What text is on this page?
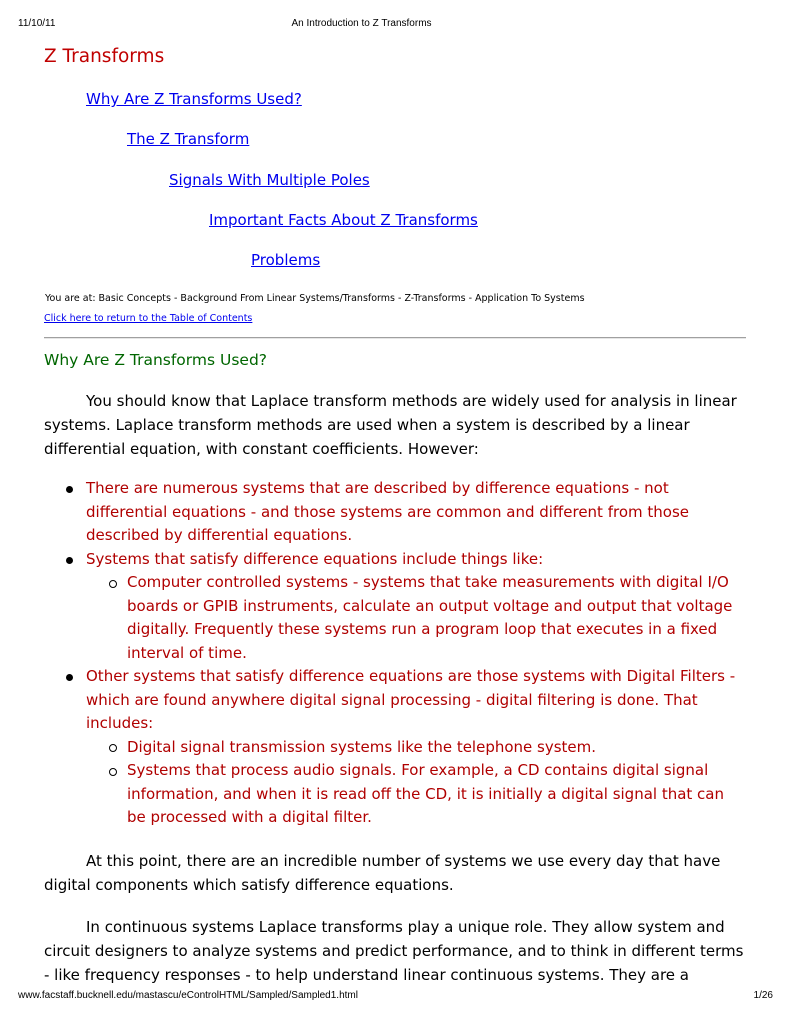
11/10/11	An Introduction to Z Transforms
Z Transforms
Why Are Z Transforms Used?
The Z Transform
Signals With Multiple Poles
Important Facts About Z Transforms
Problems
You are at: Basic Concepts - Background From Linear Systems/Transforms - Z-Transforms - Application To Systems
Click here to return to the Table of Contents
Why Are Z Transforms Used?

You should know that Laplace transform methods are widely used for analysis in linear systems. Laplace transform methods are used when a system is described by a linear differential equation, with constant coefficients. However:

There are numerous systems that are described by difference equations - not differential equations - and those systems are common and different from those described by differential equations.
Systems that satisfy difference equations include things like:
Computer controlled systems - systems that take measurements with digital I/O boards or GPIB instruments, calculate an output voltage and output that voltage digitally. Frequently these systems run a program loop that executes in a fixed interval of time.
Other systems that satisfy difference equations are those systems with Digital Filters - which are found anywhere digital signal processing - digital filtering is done. That includes:
Digital signal transmission systems like the telephone system.
Systems that process audio signals. For example, a CD contains digital signal information, and when it is read off the CD, it is initially a digital signal that can be processed with a digital filter.

At this point, there are an incredible number of systems we use every day that have digital components which satisfy difference equations.

In continuous systems Laplace transforms play a unique role. They allow system and circuit designers to analyze systems and predict performance, and to think in different terms - like frequency responses - to help understand linear continuous systems. They are a

www.facstaff.bucknell.edu/mastascu/eControlHTML/Sampled/Sampled1.html	1/26
